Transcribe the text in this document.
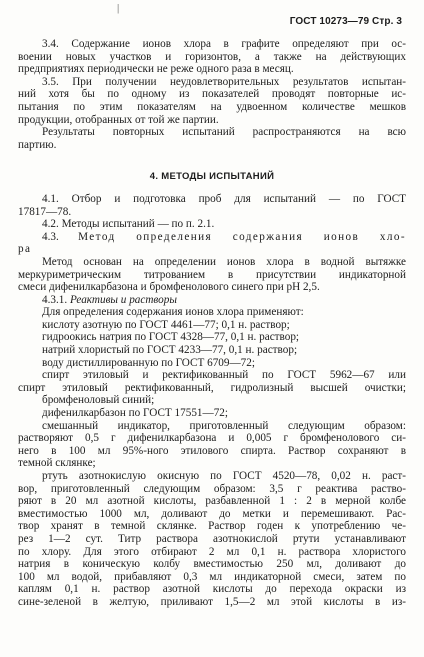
|
ГОСТ 10273—79 Стр. 3
3.4. Содержание ионов хлора в графите определяют при ос-
воении новых участков и горизонтов, а также на действующих
предприятиях периодически не реже одного раза в месяц.
3.5. При получении неудовлетворительных результатов испытан-
ний хотя бы по одному из показателей проводят повторные ис-
пытания по этим показателям на удвоенном количестве мешков
продукции, отобранных от той же партии.
Результаты повторных испытаний распространяются на всю
партию.
4. МЕТОДЫ ИСПЫТАНИЙ
4.1. Отбор и подготовка проб для испытаний — по ГОСТ
17817—78.
4.2. Методы испытаний — по п. 2.1.
4.3. Метод определения содержания ионов хло-
ра
Метод основан на определении ионов хлора в водной вытяжке
меркуриметрическим титрованием в присутствии индикаторной
смеси дифенилкарбазона и бромфенолового синего при рН 2,5.
4.3.1. Реактивы и растворы
Для определения содержания ионов хлора применяют:
кислоту азотную по ГОСТ 4461—77; 0,1 н. раствор;
гидроокись натрия по ГОСТ 4328—77, 0,1 н. раствор;
натрий хлористый по ГОСТ 4233—77, 0,1 н. раствор;
воду дистиллированную по ГОСТ 6709—72;
спирт этиловый и ректификованный по ГОСТ 5962—67 или
спирт этиловый ректификованный, гидролизный высшей очистки;
бромфеноловый синий;
дифенилкарбазон по ГОСТ 17551—72;
смешанный индикатор, приготовленный следующим образом:
растворяют 0,5 г дифенилкарбазона и 0,005 г бромфенолового си-
него в 100 мл 95%-ного этилового спирта. Раствор сохраняют в
темной склянке;
ртуть азотнокислую окисную по ГОСТ 4520—78, 0,02 н. раст-
вор, приготовленный следующим образом: 3,5 г реактива раство-
ряют в 20 мл азотной кислоты, разбавленной 1 : 2 в мерной колбе
вместимостью 1000 мл, доливают до метки и перемешивают. Рас-
твор хранят в темной склянке. Раствор годен к употреблению че-
рез 1—2 сут. Титр раствора азотнокислой ртути устанавливают
по хлору. Для этого отбирают 2 мл 0,1 н. раствора хлористого
натрия в коническую колбу вместимостью 250 мл, доливают до
100 мл водой, прибавляют 0,3 мл индикаторной смеси, затем по
каплям 0,1 н. раствор азотной кислоты до перехода окраски из
сине-зеленой в желтую, приливают 1,5—2 мл этой кислоты в из-
